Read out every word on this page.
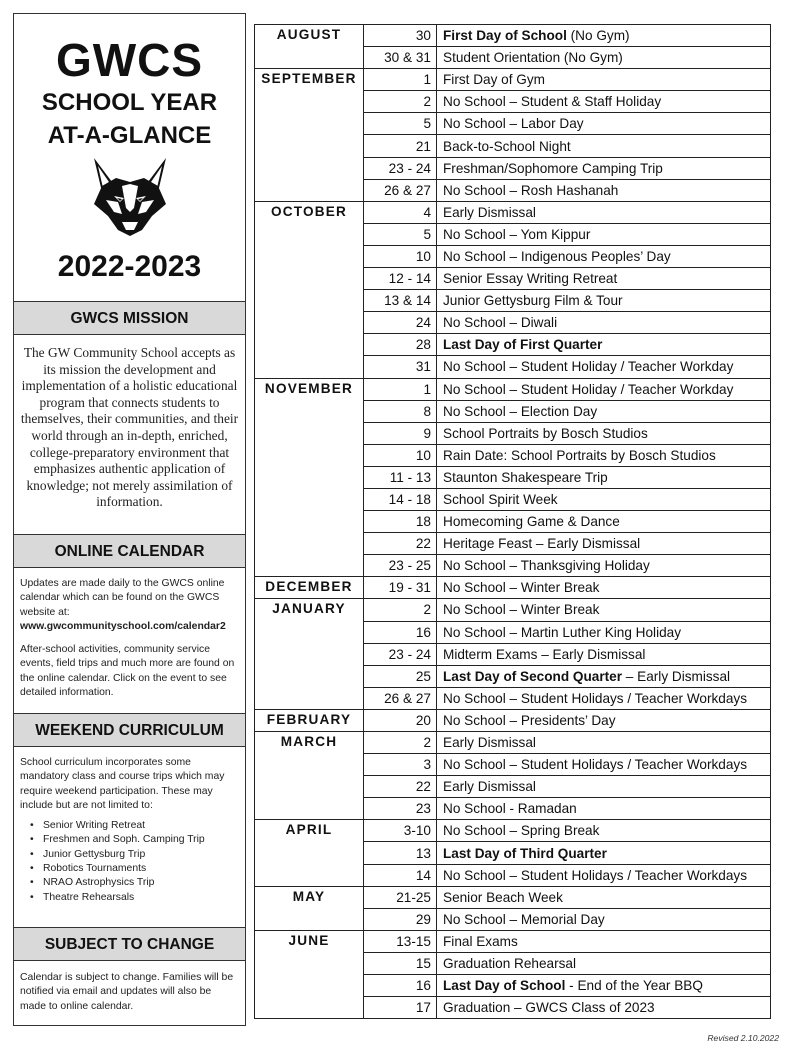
GWCS
SCHOOL YEAR
AT-A-GLANCE
2022-2023
GWCS MISSION
The GW Community School accepts as its mission the development and implementation of a holistic educational program that connects students to themselves, their communities, and their world through an in-depth, enriched, college-preparatory environment that emphasizes authentic application of knowledge; not merely assimilation of information.
ONLINE CALENDAR

Updates are made daily to the GWCS online calendar which can be found on the GWCS website at:
www.gwcommunityschool.com/calendar2

After-school activities, community service events, field trips and much more are found on the online calendar. Click on the event to see detailed information.

WEEKEND CURRICULUM

School curriculum incorporates some mandatory class and course trips which may require weekend participation. These may include but are not limited to:

• Senior Writing Retreat
• Freshmen and Soph. Camping Trip
• Junior Gettysburg Trip
• Robotics Tournaments
• NRAO Astrophysics Trip
• Theatre Rehearsals
SUBJECT TO CHANGE
Calendar is subject to change. Families will be notified via email and updates will also be made to online calendar.
AUGUST	30	First Day of School (No Gym)
	30 & 31	Student Orientation (No Gym)
SEPTEMBER	1	First Day of Gym
	2	No School – Student & Staff Holiday
	5	No School – Labor Day
	21	Back-to-School Night
	23 - 24	Freshman/Sophomore Camping Trip
	26 & 27	No School – Rosh Hashanah
OCTOBER	4	Early Dismissal
	5	No School – Yom Kippur
	10	No School – Indigenous Peoples’ Day
	12 - 14	Senior Essay Writing Retreat
	13 & 14	Junior Gettysburg Film & Tour
	24	No School – Diwali
	28	Last Day of First Quarter
	31	No School – Student Holiday / Teacher Workday
NOVEMBER	1	No School – Student Holiday / Teacher Workday
	8	No School – Election Day
	9	School Portraits by Bosch Studios
	10	Rain Date: School Portraits by Bosch Studios
	11 - 13	Staunton Shakespeare Trip
	14 - 18	School Spirit Week
	18	Homecoming Game & Dance
	22	Heritage Feast – Early Dismissal
	23 - 25	No School – Thanksgiving Holiday
DECEMBER	19 - 31	No School – Winter Break
JANUARY	2	No School – Winter Break
	16	No School – Martin Luther King Holiday
	23 - 24	Midterm Exams – Early Dismissal
	25	Last Day of Second Quarter – Early Dismissal
	26 & 27	No School – Student Holidays / Teacher Workdays
FEBRUARY	20	No School – Presidents’ Day
MARCH	2	Early Dismissal
	3	No School – Student Holidays / Teacher Workdays
	22	Early Dismissal
	23	No School - Ramadan
APRIL	3-10	No School – Spring Break
	13	Last Day of Third Quarter
	14	No School – Student Holidays / Teacher Workdays
MAY	21-25	Senior Beach Week
	29	No School – Memorial Day
JUNE	13-15	Final Exams
	15	Graduation Rehearsal
	16	Last Day of School - End of the Year BBQ
	17	Graduation – GWCS Class of 2023
Revised 2.10.2022
